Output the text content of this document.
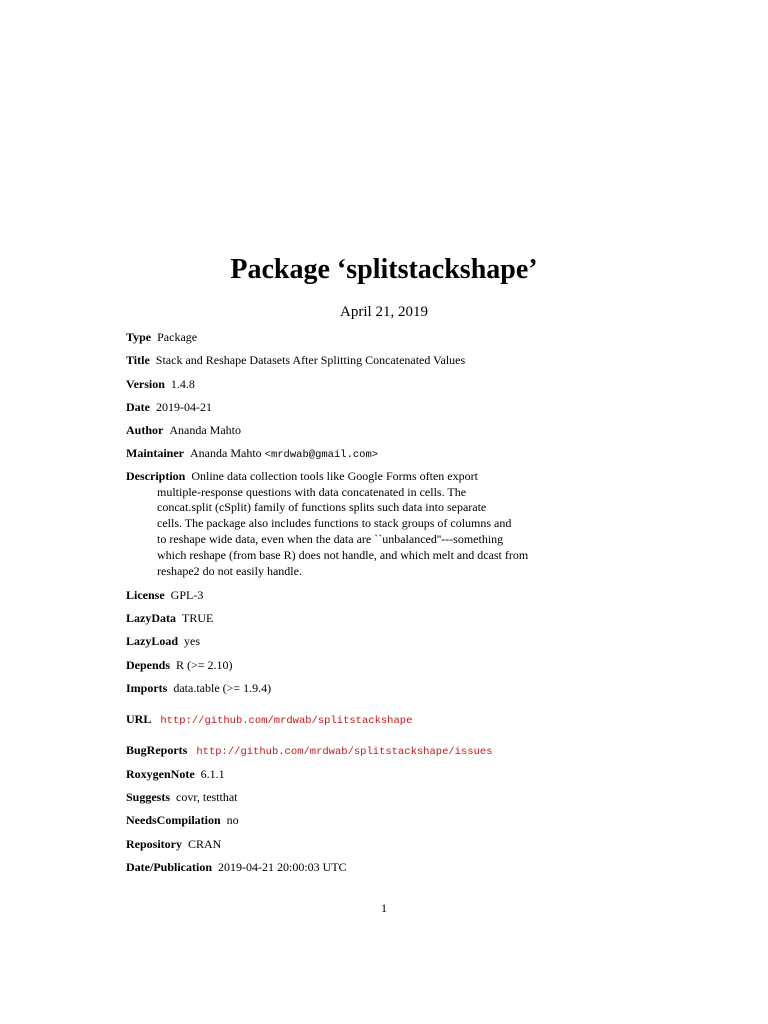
Package ‘splitstackshape’
April 21, 2019
Type Package
Title Stack and Reshape Datasets After Splitting Concatenated Values
Version 1.4.8
Date 2019-04-21
Author Ananda Mahto
Maintainer Ananda Mahto <mrdwab@gmail.com>
Description Online data collection tools like Google Forms often export
multiple-response questions with data concatenated in cells. The
concat.split (cSplit) family of functions splits such data into separate
cells. The package also includes functions to stack groups of columns and
to reshape wide data, even when the data are ``unbalanced''---something
which reshape (from base R) does not handle, and which melt and dcast from
reshape2 do not easily handle.
License GPL-3
LazyData TRUE
LazyLoad yes
Depends R (>= 2.10)
Imports data.table (>= 1.9.4)
URL http://github.com/mrdwab/splitstackshape
BugReports http://github.com/mrdwab/splitstackshape/issues
RoxygenNote 6.1.1
Suggests covr, testthat
NeedsCompilation no
Repository CRAN
Date/Publication 2019-04-21 20:00:03 UTC
1
